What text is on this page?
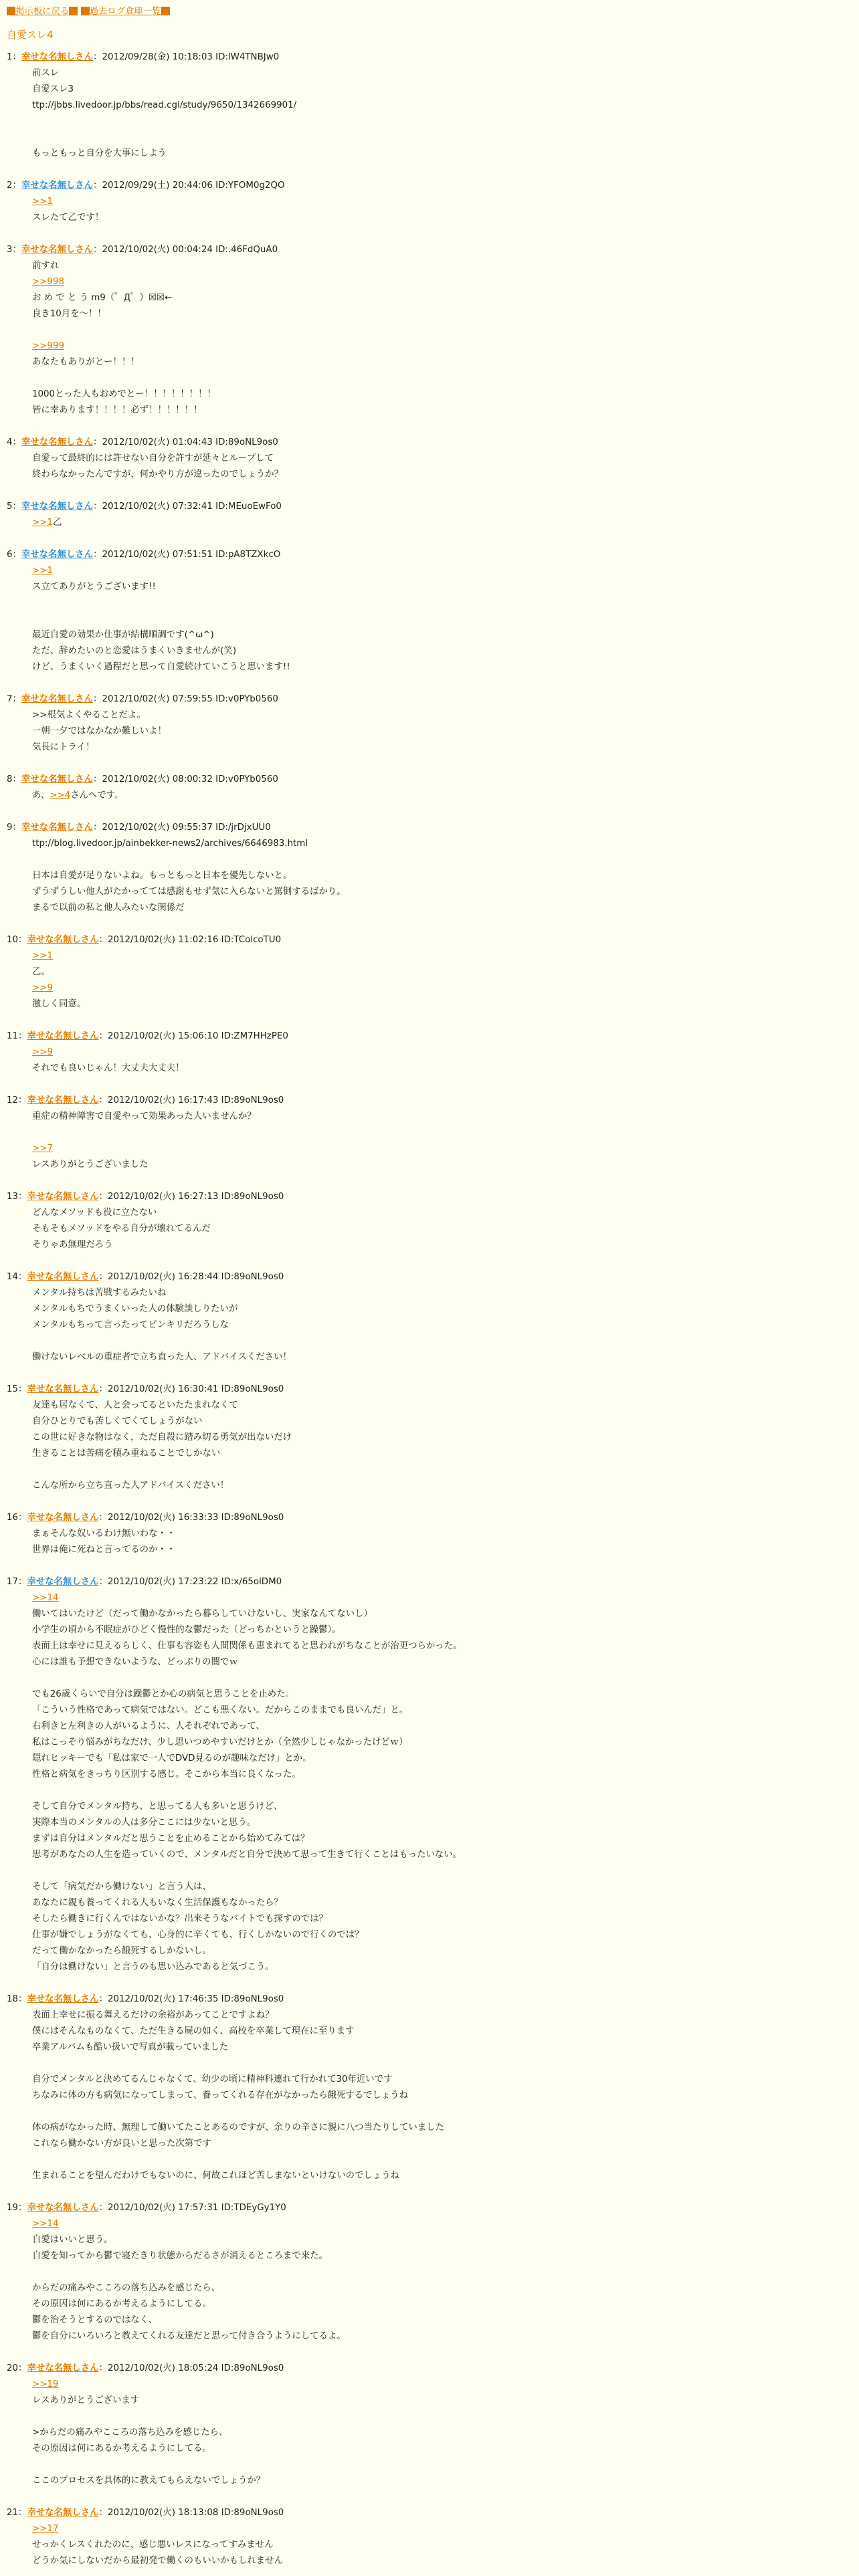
掲示板に戻る 過去ログ倉庫一覧
自愛スレ4
1：幸せな名無しさん：2012/09/28(金) 10:18:03 ID:lW4TNBJw0
前スレ
自愛スレ3
ttp://jbbs.livedoor.jp/bbs/read.cgi/study/9650/1342669901/
もっともっと自分を大事にしよう
2：幸せな名無しさん：2012/09/29(土) 20:44:06 ID:YFOM0g2QO
>>1
スレたて乙です！
3：幸せな名無しさん：2012/10/02(火) 00:04:24 ID:.46FdQuA0
前すれ
>>998
お め で と う m9（゜Д゜）☒☒←
良き10月を～！！
>>999
あなたもありがとー！！！
1000とった人もおめでとー！！！！！！！！
皆に幸あります！！！！必ず！！！！！！
4：幸せな名無しさん：2012/10/02(火) 01:04:43 ID:89oNL9os0
自愛って最終的には許せない自分を許すが延々とループして
終わらなかったんですが，何かやり方が違ったのでしょうか？
5：幸せな名無しさん：2012/10/02(火) 07:32:41 ID:MEuoEwFo0
>>1乙
6：幸せな名無しさん：2012/10/02(火) 07:51:51 ID:pA8TZXkcO
>>1
ス立てありがとうございます!!
最近自愛の効果か仕事が結構順調です(^ω^)
ただ、辞めたいのと恋愛はうまくいきませんが(笑)
けど、うまくいく過程だと思って自愛続けていこうと思います!!
7：幸せな名無しさん：2012/10/02(火) 07:59:55 ID:v0PYb0560
>>根気よくやることだよ。
一朝一夕ではなかなか難しいよ！
気長にトライ！
8：幸せな名無しさん：2012/10/02(火) 08:00:32 ID:v0PYb0560
あ、>>4さんへです。
9：幸せな名無しさん：2012/10/02(火) 09:55:37 ID:/jrDjxUU0
ttp://blog.livedoor.jp/ainbekker-news2/archives/6646983.html
日本は自愛が足りないよね。もっともっと日本を優先しないと。
ずうずうしい他人がたかってては感謝もせず気に入らないと罵倒するばかり。
まるで以前の私と他人みたいな関係だ
10：幸せな名無しさん：2012/10/02(火) 11:02:16 ID:TColcoTU0
>>1
乙。
>>9
激しく同意。
11：幸せな名無しさん：2012/10/02(火) 15:06:10 ID:ZM7HHzPE0
>>9
それでも良いじゃん！大丈夫大丈夫！
12：幸せな名無しさん：2012/10/02(火) 16:17:43 ID:89oNL9os0
重症の精神障害で自愛やって効果あった人いませんか？
>>7
レスありがとうございました
13：幸せな名無しさん：2012/10/02(火) 16:27:13 ID:89oNL9os0
どんなメソッドも役に立たない
そもそもメソッドをやる自分が壊れてるんだ
そりゃあ無理だろう
14：幸せな名無しさん：2012/10/02(火) 16:28:44 ID:89oNL9os0
メンタル持ちは苦戦するみたいね
メンタルもちでうまくいった人の体験談しりたいが
メンタルもちって言ったってピンキリだろうしな
働けないレベルの重症者で立ち直った人、アドバイスください！
15：幸せな名無しさん：2012/10/02(火) 16:30:41 ID:89oNL9os0
友達も居なくて、人と会ってるといたたまれなくて
自分ひとりでも苦しくてくてしょうがない
この世に好きな物はなく，ただ自殺に踏み切る勇気が出ないだけ
生きることは苦痛を積み重ねることでしかない
こんな所から立ち直った人アドバイスください！
16：幸せな名無しさん：2012/10/02(火) 16:33:33 ID:89oNL9os0
まぁそんな奴いるわけ無いわな・・
世界は俺に死ねと言ってるのか・・
17：幸せな名無しさん：2012/10/02(火) 17:23:22 ID:x/65olDM0
>>14
働いてはいたけど（だって働かなかったら暮らしていけないし、実家なんてないし）
小学生の頃から不眠症がひどく慢性的な鬱だった（どっちかというと躁鬱）。
表面上は幸せに見えるらしく、仕事も容姿も人間関係も恵まれてると思われがちなことが治更つらかった。
心には誰も予想できないような、どっぷりの闇でｗ
でも26歳くらいで自分は躁鬱とか心の病気と思うことを止めた。
「こういう性格であって病気ではない。どこも悪くない。だからこのままでも良いんだ」と。
右利きと左利きの人がいるように、人それぞれであって、
私はこっそり悩みがちなだけ、少し思いつめやすいだけとか（全然少しじゃなかったけどｗ）
隠れヒッキーでも「私は家で一人でDVD見るのが趣味なだけ」とか。
性格と病気をきっちり区別する感じ。そこから本当に良くなった。
そして自分でメンタル持ち、と思ってる人も多いと思うけど、
実際本当のメンタルの人は多分ここには少ないと思う。
まずは自分はメンタルだと思うことを止めることから始めてみては？
思考があなたの人生を造っていくので、メンタルだと自分で決めて思って生きて行くことはもったいない。
そして「病気だから働けない」と言う人は、
あなたに親も養ってくれる人もいなく生活保護もなかったら？
そしたら働きに行くんではないかな？出来そうなバイトでも探すのでは？
仕事が嫌でしょうがなくても、心身的に辛くても、行くしかないので行くのでは？
だって働かなかったら餓死するしかないし。
「自分は働けない」と言うのも思い込みであると気づこう。
18：幸せな名無しさん：2012/10/02(火) 17:46:35 ID:89oNL9os0
表面上幸せに振る舞えるだけの余裕があってことですよね？
僕にはそんなものなくて、ただ生きる屍の如く、高校を卒業して現在に至ります
卒業アルバムも酷い扱いで写真が載っていました
自分でメンタルと決めてるんじゃなくて、幼少の頃に精神科連れて行かれて30年近いです
ちなみに体の方も病気になってしまって、養ってくれる存在がなかったら餓死するでしょうね
体の病がなかった時、無理して働いてたことあるのですが、余りの辛さに親に八つ当たりしていました
これなら働かない方が良いと思った次第です
生まれることを望んだわけでもないのに、何故これほど苦しまないといけないのでしょうね
19：幸せな名無しさん：2012/10/02(火) 17:57:31 ID:TDEyGy1Y0
>>14
自愛はいいと思う。
自愛を知ってから鬱で寝たきり状態からだるさが消えるところまで来た。
からだの痛みやこころの落ち込みを感じたら、
その原因は何にあるか考えるようにしてる。
鬱を治そうとするのではなく、
鬱を自分にいろいろと教えてくれる友達だと思って付き合うようにしてるよ。
20：幸せな名無しさん：2012/10/02(火) 18:05:24 ID:89oNL9os0
>>19
レスありがとうございます
>からだの痛みやこころの落ち込みを感じたら、
その原因は何にあるか考えるようにしてる。
ここのプロセスを具体的に教えてもらえないでしょうか？
21：幸せな名無しさん：2012/10/02(火) 18:13:08 ID:89oNL9os0
>>17
せっかくレスくれたのに、感じ悪いレスになってすみません
どうか気にしないだから最初発で働くのもいいかもしれません
